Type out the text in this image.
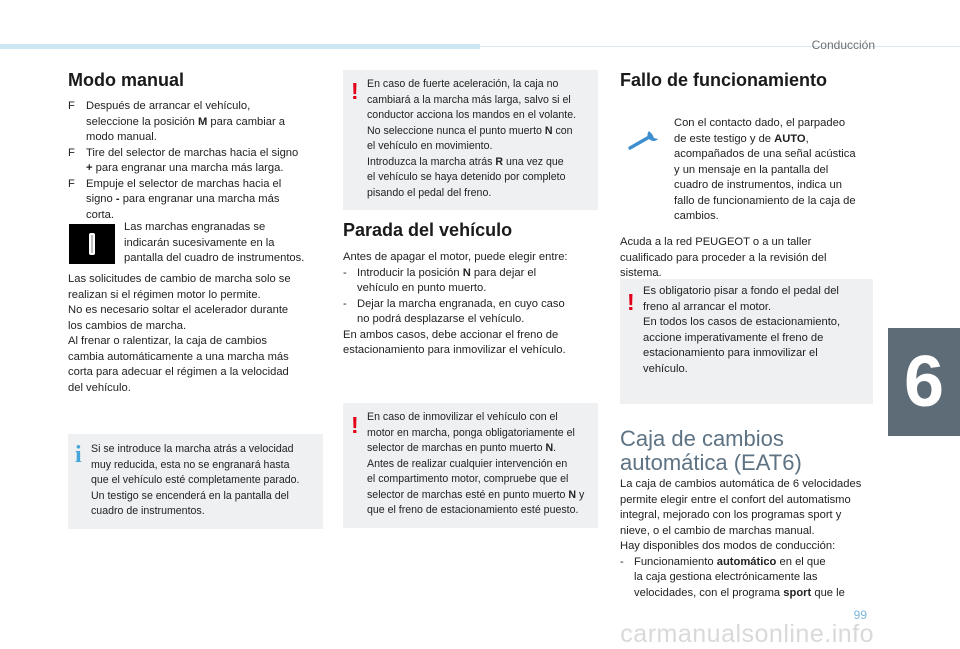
Conducción
6
Modo manual
F Después de arrancar el vehículo,
seleccione la posición M para cambiar a
modo manual.
F Tire del selector de marchas hacia el signo
+ para engranar una marcha más larga.
F Empuje el selector de marchas hacia el
signo - para engranar una marcha más
corta.
Las marchas engranadas se
indicarán sucesivamente en la
pantalla del cuadro de instrumentos.
Las solicitudes de cambio de marcha solo se
realizan si el régimen motor lo permite.
No es necesario soltar el acelerador durante
los cambios de marcha.
Al frenar o ralentizar, la caja de cambios
cambia automáticamente a una marcha más
corta para adecuar el régimen a la velocidad
del vehículo.
i Si se introduce la marcha atrás a velocidad
muy reducida, esta no se engranará hasta
que el vehículo esté completamente parado.
Un testigo se encenderá en la pantalla del
cuadro de instrumentos.
! En caso de fuerte aceleración, la caja no
cambiará a la marcha más larga, salvo si el
conductor acciona los mandos en el volante.
No seleccione nunca el punto muerto N con
el vehículo en movimiento.
Introduzca la marcha atrás R una vez que
el vehículo se haya detenido por completo
pisando el pedal del freno.
Parada del vehículo
Antes de apagar el motor, puede elegir entre:
- Introducir la posición N para dejar el
vehículo en punto muerto.
- Dejar la marcha engranada, en cuyo caso
no podrá desplazarse el vehículo.
En ambos casos, debe accionar el freno de
estacionamiento para inmovilizar el vehículo.
! En caso de inmovilizar el vehículo con el
motor en marcha, ponga obligatoriamente el
selector de marchas en punto muerto N.
Antes de realizar cualquier intervención en
el compartimento motor, compruebe que el
selector de marchas esté en punto muerto N y
que el freno de estacionamiento esté puesto.
Fallo de funcionamiento
Con el contacto dado, el parpadeo
de este testigo y de AUTO,
acompañados de una señal acústica
y un mensaje en la pantalla del
cuadro de instrumentos, indica un
fallo de funcionamiento de la caja de
cambios.
Acuda a la red PEUGEOT o a un taller
cualificado para proceder a la revisión del
sistema.
! Es obligatorio pisar a fondo el pedal del
freno al arrancar el motor.
En todos los casos de estacionamiento,
accione imperativamente el freno de
estacionamiento para inmovilizar el
vehículo.
Caja de cambios
automática (EAT6)
La caja de cambios automática de 6 velocidades
permite elegir entre el confort del automatismo
integral, mejorado con los programas sport y
nieve, o el cambio de marchas manual.
Hay disponibles dos modos de conducción:
- Funcionamiento automático en el que
la caja gestiona electrónicamente las
velocidades, con el programa sport que le
99
carmanualsonline.info
